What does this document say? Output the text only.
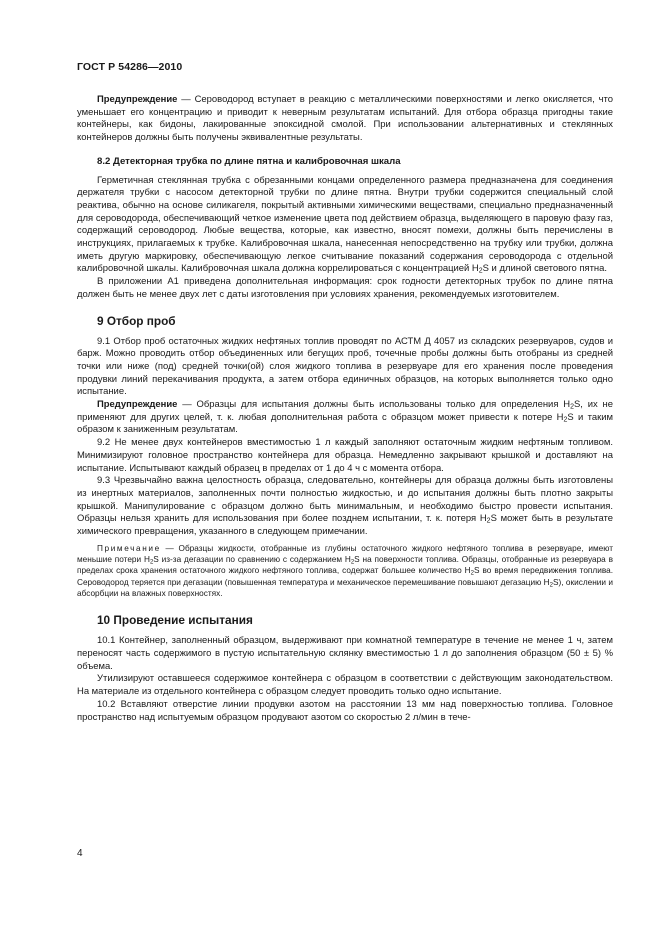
ГОСТ Р 54286—2010

Предупреждение — Сероводород вступает в реакцию с металлическими поверхностями и легко окисляется, что уменьшает его концентрацию и приводит к неверным результатам испытаний. Для отбора образца пригодны такие контейнеры, как бидоны, лакированные эпоксидной смолой. При использовании альтернативных и стеклянных контейнеров должны быть получены эквивалентные результаты.

8.2 Детекторная трубка по длине пятна и калибровочная шкала

Герметичная стеклянная трубка с обрезанными концами определенного размера предназначена для соединения держателя трубки с насосом детекторной трубки по длине пятна. Внутри трубки содержится специальный слой реактива, обычно на основе силикагеля, покрытый активными химическими веществами, специально предназначенный для сероводорода, обеспечивающий четкое изменение цвета под действием образца, выделяющего в паровую фазу газ, содержащий сероводород. Любые вещества, которые, как известно, вносят помехи, должны быть перечислены в инструкциях, прилагаемых к трубке. Калибровочная шкала, нанесенная непосредственно на трубку или трубки, должна иметь другую маркировку, обеспечивающую легкое считывание показаний содержания сероводорода с отдельной калибровочной шкалы. Калибровочная шкала должна коррелироваться с концентрацией $H_2S$ и длиной светового пятна.

В приложении А1 приведена дополнительная информация: срок годности детекторных трубок по длине пятна должен быть не менее двух лет с даты изготовления при условиях хранения, рекомендуемых изготовителем.

9 Отбор проб

9.1 Отбор проб остаточных жидких нефтяных топлив проводят по АСТМ Д 4057 из складских резервуаров, судов и барж. Можно проводить отбор объединенных или бегущих проб, точечные пробы должны быть отобраны из средней точки или ниже (под) средней точки(ой) слоя жидкого топлива в резервуаре для его хранения после проведения продувки линий перекачивания продукта, а затем отбора единичных образцов, на которых выполняется только одно испытание.

Предупреждение — Образцы для испытания должны быть использованы только для определения $H_2S$, их не применяют для других целей, т. к. любая дополнительная работа с образцом может привести к потере $H_2S$ и таким образом к заниженным результатам.

9.2 Не менее двух контейнеров вместимостью 1 л каждый заполняют остаточным жидким нефтяным топливом. Минимизируют головное пространство контейнера для образца. Немедленно закрывают крышкой и доставляют на испытание. Испытывают каждый образец в пределах от 1 до 4 ч с момента отбора.

9.3 Чрезвычайно важна целостность образца, следовательно, контейнеры для образца должны быть изготовлены из инертных материалов, заполненных почти полностью жидкостью, и до испытания должны быть плотно закрыты крышкой. Манипулирование с образцом должно быть минимальным, и необходимо быстро провести испытания. Образцы нельзя хранить для использования при более позднем испытании, т. к. потеря $H_2S$ может быть в результате химического превращения, указанного в следующем примечании.

Примечание — Образцы жидкости, отобранные из глубины остаточного жидкого нефтяного топлива в резервуаре, имеют меньшие потери $H_2S$ из-за дегазации по сравнению с содержанием $H_2S$ на поверхности топлива. Образцы, отобранные из резервуара в пределах срока хранения остаточного жидкого нефтяного топлива, содержат большее количество $H_2S$ во время передвижения топлива. Сероводород теряется при дегазации (повышенная температура и механическое перемешивание повышают дегазацию $H_2S$), окислении и абсорбции на влажных поверхностях.

10 Проведение испытания

10.1 Контейнер, заполненный образцом, выдерживают при комнатной температуре в течение не менее 1 ч, затем переносят часть содержимого в пустую испытательную склянку вместимостью 1 л до заполнения образцом (50 ± 5) % объема.

Утилизируют оставшееся содержимое контейнера с образцом в соответствии с действующим законодательством. На материале из отдельного контейнера с образцом следует проводить только одно испытание.

10.2 Вставляют отверстие линии продувки азотом на расстоянии 13 мм над поверхностью топлива. Головное пространство над испытуемым образцом продувают азотом со скоростью 2 л/мин в тече-

4
